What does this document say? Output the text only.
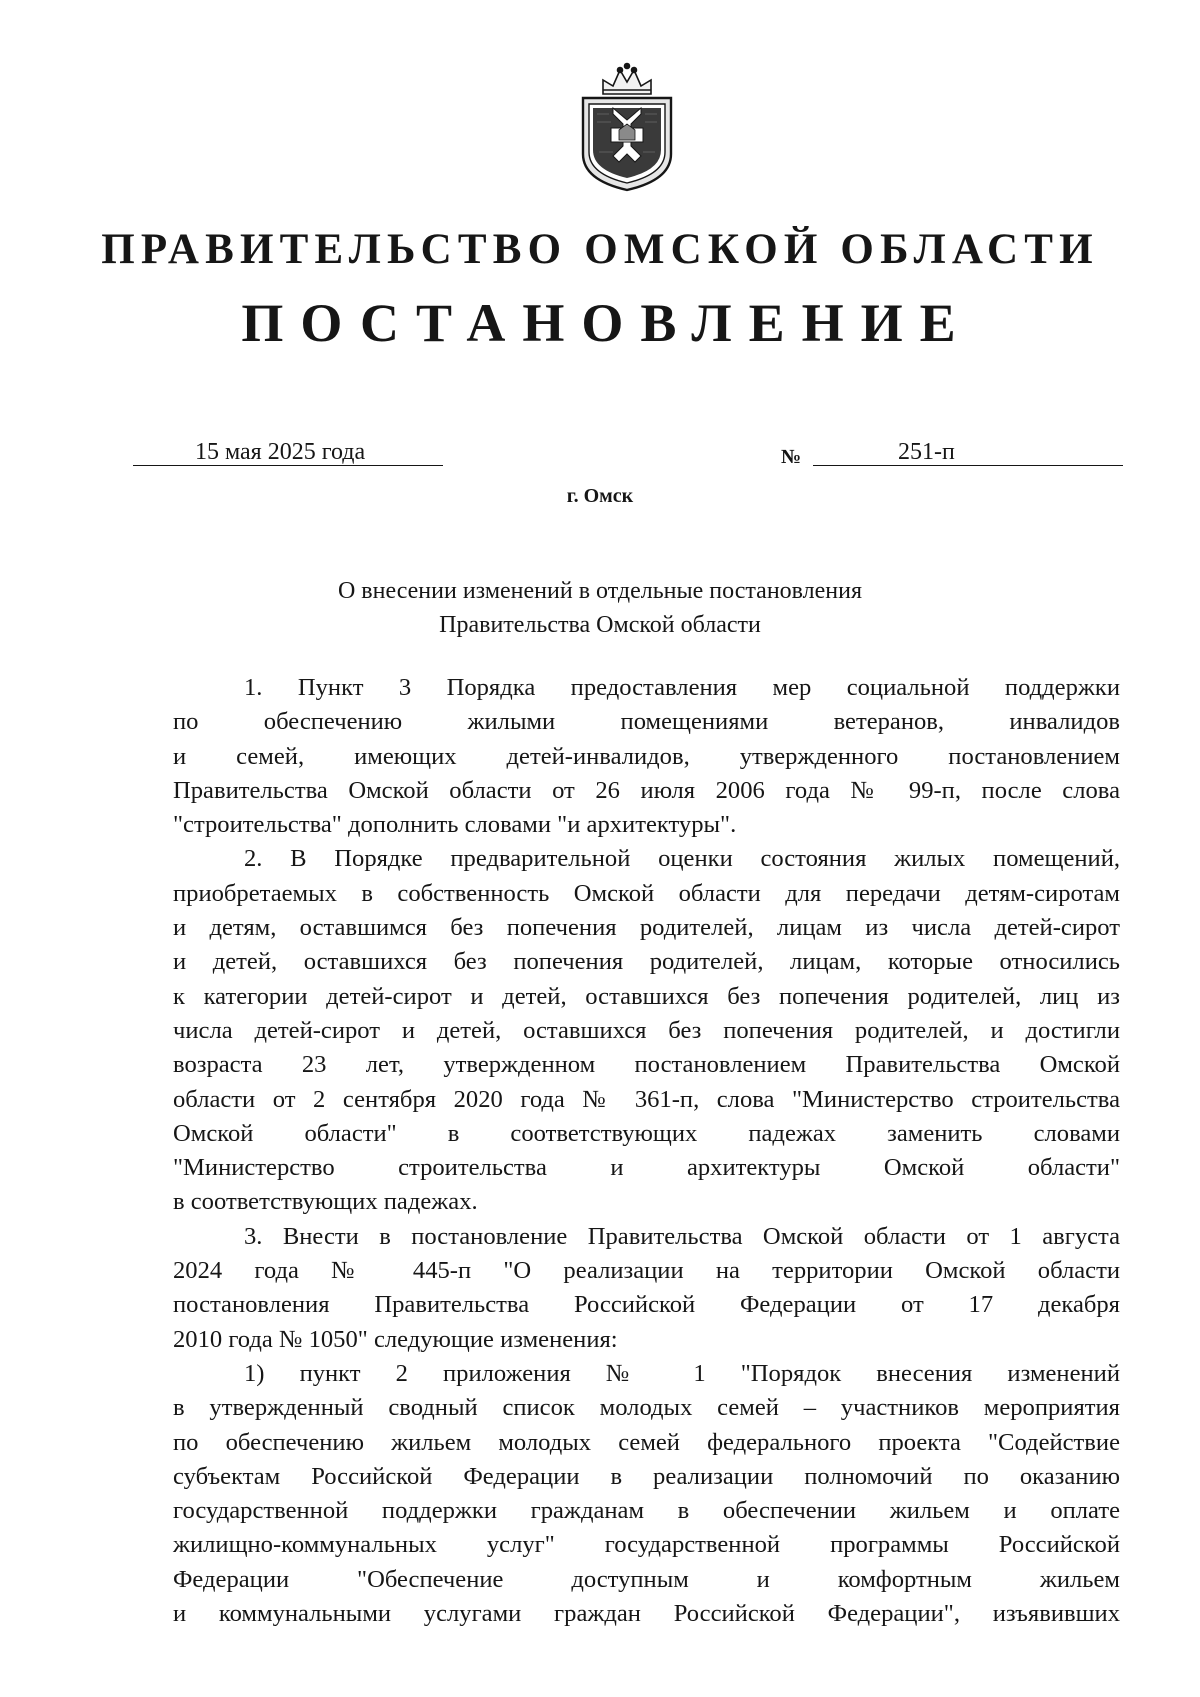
ПРАВИТЕЛЬСТВО ОМСКОЙ ОБЛАСТИ
ПОСТАНОВЛЕНИЕ
15 мая 2025 года	№	251-п
г. Омск
О внесении изменений в отдельные постановления
Правительства Омской области
1. Пункт 3 Порядка предоставления мер социальной поддержки
по обеспечению жилыми помещениями ветеранов, инвалидов
и семей, имеющих детей-инвалидов, утвержденного постановлением
Правительства Омской области от 26 июля 2006 года № 99-п, после слова
"строительства" дополнить словами "и архитектуры".
2. В Порядке предварительной оценки состояния жилых помещений,
приобретаемых в собственность Омской области для передачи детям-сиротам
и детям, оставшимся без попечения родителей, лицам из числа детей-сирот
и детей, оставшихся без попечения родителей, лицам, которые относились
к категории детей-сирот и детей, оставшихся без попечения родителей, лиц из
числа детей-сирот и детей, оставшихся без попечения родителей, и достигли
возраста 23 лет, утвержденном постановлением Правительства Омской
области от 2 сентября 2020 года № 361-п, слова "Министерство строительства
Омской области" в соответствующих падежах заменить словами
"Министерство строительства и архитектуры Омской области"
в соответствующих падежах.
3. Внести в постановление Правительства Омской области от 1 августа
2024 года № 445-п "О реализации на территории Омской области
постановления Правительства Российской Федерации от 17 декабря
2010 года № 1050" следующие изменения:
1) пункт 2 приложения № 1 "Порядок внесения изменений
в утвержденный сводный список молодых семей – участников мероприятия
по обеспечению жильем молодых семей федерального проекта "Содействие
субъектам Российской Федерации в реализации полномочий по оказанию
государственной поддержки гражданам в обеспечении жильем и оплате
жилищно-коммунальных услуг" государственной программы Российской
Федерации "Обеспечение доступным и комфортным жильем
и коммунальными услугами граждан Российской Федерации", изъявивших
